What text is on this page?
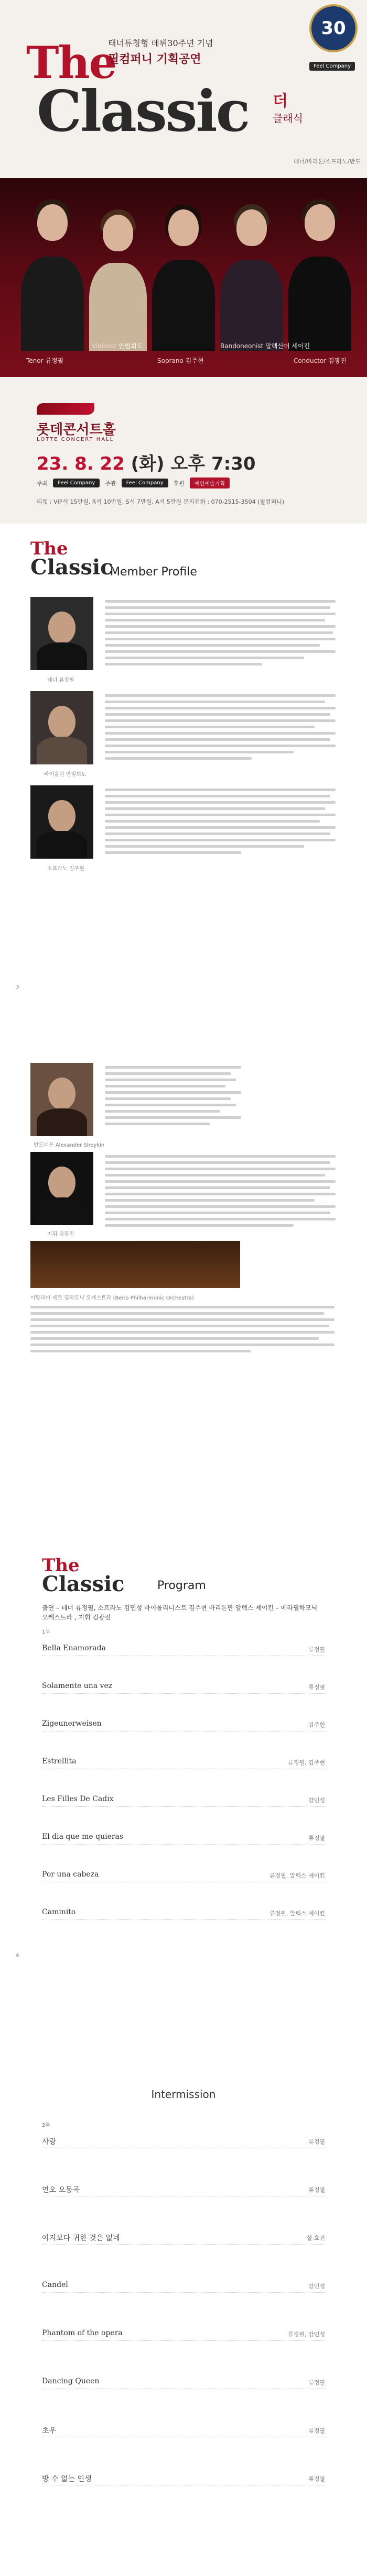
The
태너튜청형 데뷔30주년 기념
필컴퍼니 기획공연
Classic 더
클래식
테너/바리톤/소프라노/반도
30
Feel Company
Tenor 류정필
Violinist 안범회도
Soprano 김주현
Bandoneonist 알렉산더 셰이킨
Conductor 김광진
롯데콘서트홀
LOTTE CONCERT HALL
23. 8. 22 (화) 오후 7:30
주최	Feel Company	주관	Feel Company	후원	예인예술기획
티켓 : VIP석 15만원, R석 10만원, S석 7만원, A석 5만원 문의전화 : 070-2515-3504 (필컴퍼니)
The
Classic
Member Profile
테너 류정필
바이올린 안범회도
소프라노 김주현
3
반도네온 Alexander Sheykin
지휘 김광진
이탈리아 베로 필하모닉 오케스트라 (Berio Philharmonic Orchestra)
The
Classic	Program
출연 – 테너 류정필, 소프라노 김민성 바이올리니스트 김주현 바리톤만 알렉스 셰이킨 – 베라필하모닉 오케스트라 , 지휘 김광진
1부
Bella Enamorada	류정필
Solamente una vez	류정필
Zigeunerweisen	김주현
Estrellita	류정필, 김주현
Les Filles De Cadix	강민성
El dia que me quieras	류정필
Por una cabeza	류정필, 알렉스 셰이킨
Caminito	류정필, 알렉스 셰이킨
4
Intermission
2부
사랑	류정필
연오 오동곡	류정필
여지보다 귀한 것은 없네	설 효진
Candel	강민성
Phantom of the opera	류정필, 강민성
Dancing Queen	류정필
초우	류정필
방 수 없는 인생	류정필
